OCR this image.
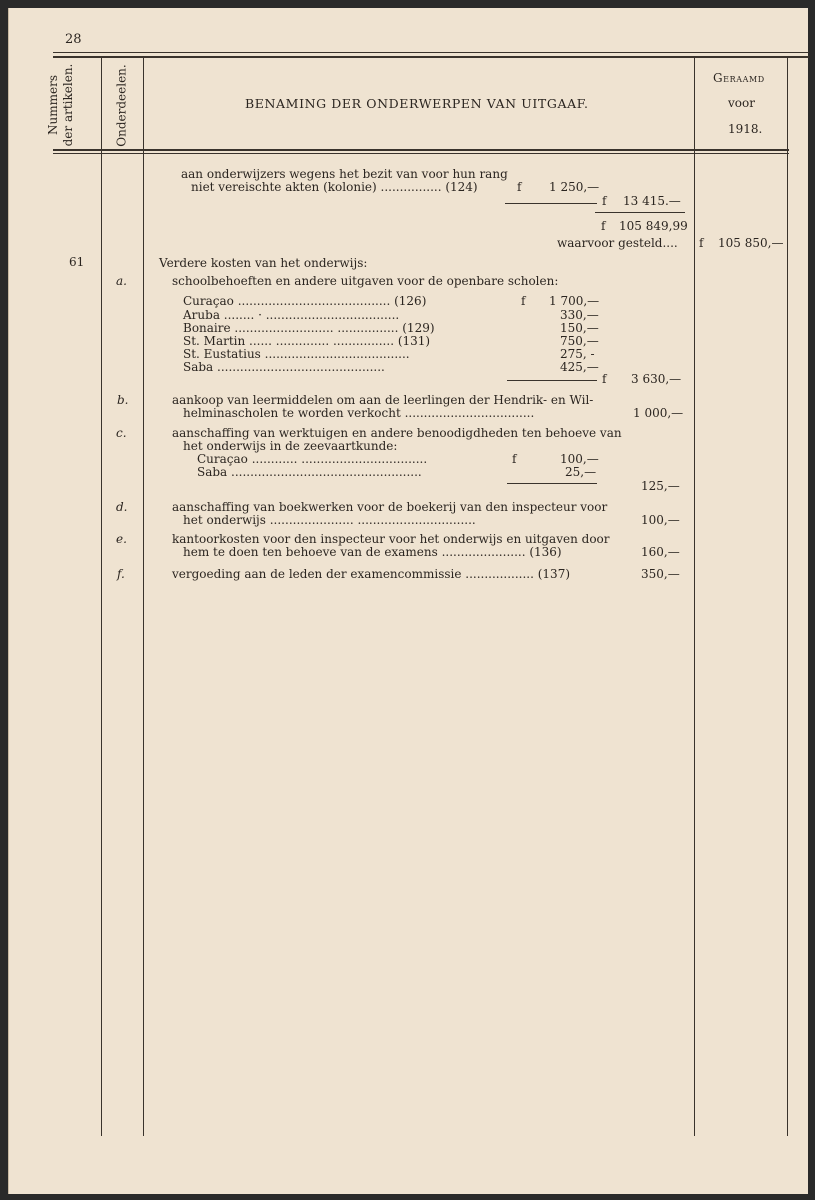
28
Nummers der artikelen.	Onderdeelen.	BENAMING DER ONDERWERPEN VAN UITGAAF.
Geraamd
voor
1918.
aan onderwijzers wegens het bezit van voor hun rang
niet vereischte akten (kolonie) ................ (124)	f 1 250,—
f 13 415.—
f 105 849,99
waarvoor gesteld.... f 105 850,—
61	Verdere kosten van het onderwijs:
a.	schoolbehoeften en andere uitgaven voor de openbare scholen:
Curaçao ........................................ (126)	f 1 700,—
Aruba ........ · ...................................	330,—
Bonaire .......................... ................ (129)	150,—
St. Martin ...... .............. ................ (131)	750,—
St. Eustatius ......................................	275, -
Saba ............................................	425,—
f 3 630,—
b.	aankoop van leermiddelen om aan de leerlingen der Hendrik- en Wil-
helminascholen te worden verkocht ..................................	1 000,—
c.	aanschaffing van werktuigen en andere benoodigdheden ten behoeve van
het onderwijs in de zeevaartkunde:
Curaçao ............ .................................	f	100,—
Saba ..................................................	25,—
125,—
d.	aanschaffing van boekwerken voor de boekerij van den inspecteur voor
het onderwijs ...................... ...............................	100,—
e.	kantoorkosten voor den inspecteur voor het onderwijs en uitgaven door
hem te doen ten behoeve van de examens ...................... (136)	160,—
f.	vergoeding aan de leden der examencommissie .................. (137)	350,—
